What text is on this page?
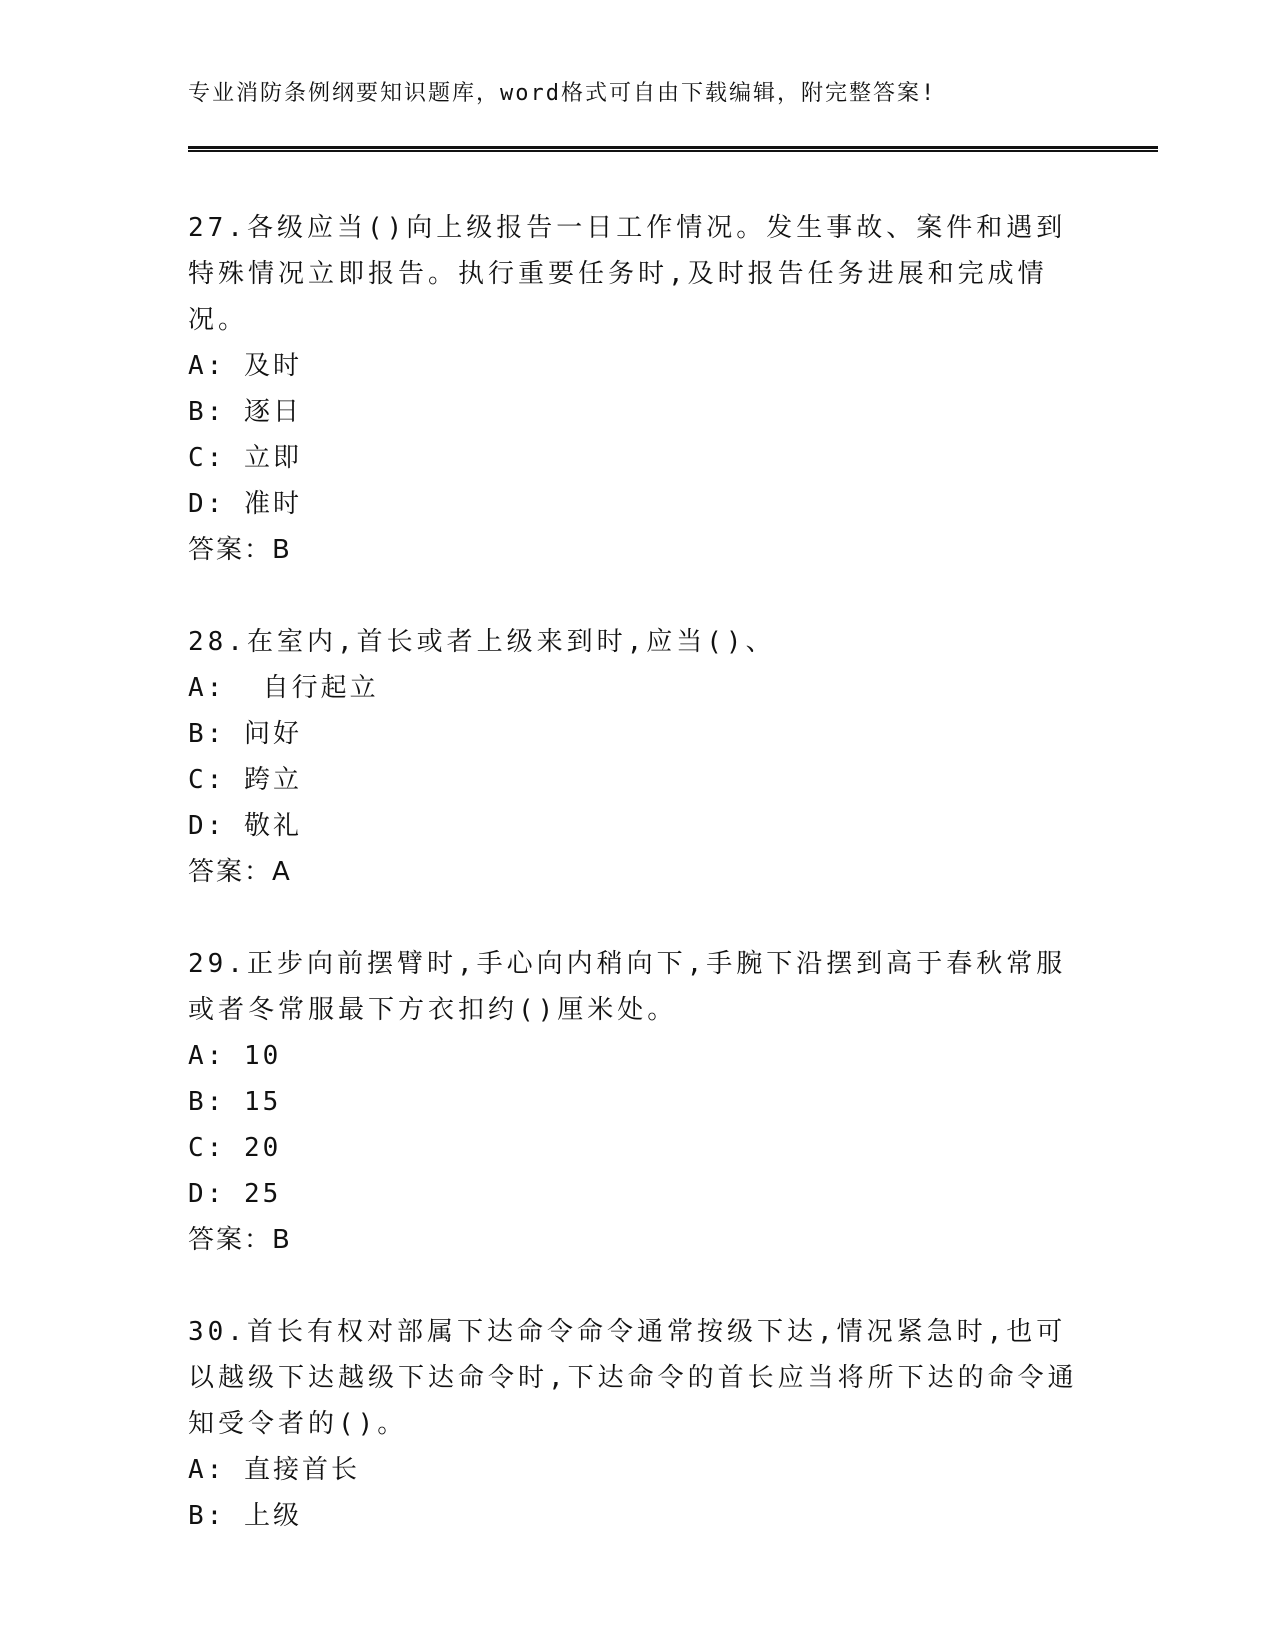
专业消防条例纲要知识题库，word格式可自由下载编辑，附完整答案!
27.各级应当()向上级报告一日工作情况。发生事故、案件和遇到特殊情况立即报告。执行重要任务时,及时报告任务进展和完成情况。
A: 及时
B: 逐日
C: 立即
D: 准时
答案：B
28.在室内,首长或者上级来到时,应当()、
A:  自行起立
B: 问好
C: 跨立
D: 敬礼
答案：A
29.正步向前摆臂时,手心向内稍向下,手腕下沿摆到高于春秋常服或者冬常服最下方衣扣约()厘米处。
A: 10
B: 15
C: 20
D: 25
答案：B
30.首长有权对部属下达命令命令通常按级下达,情况紧急时,也可以越级下达越级下达命令时,下达命令的首长应当将所下达的命令通知受令者的()。
A: 直接首长
B: 上级
